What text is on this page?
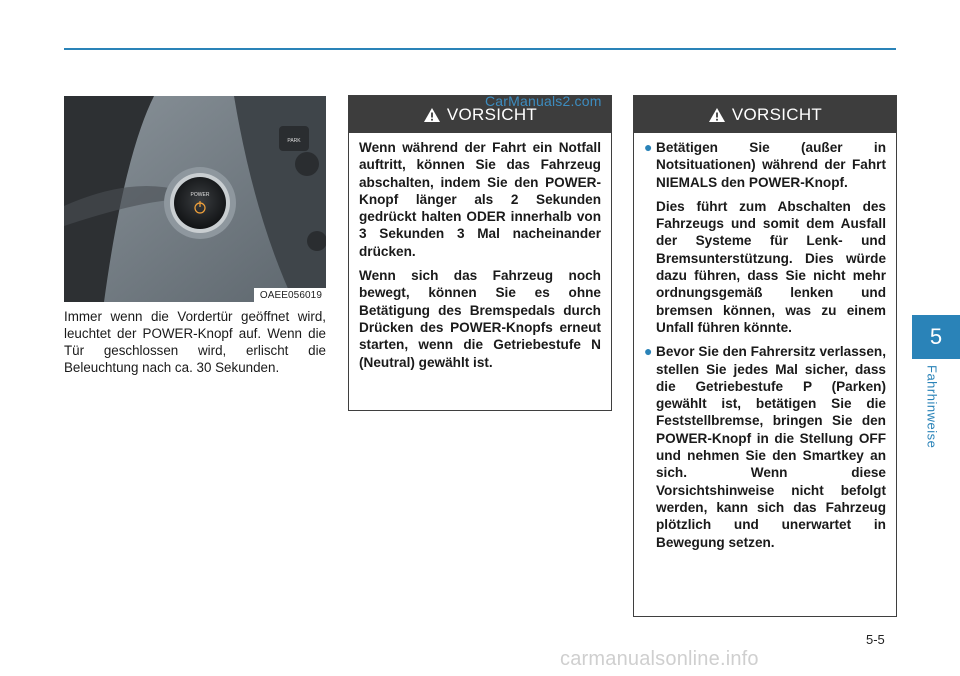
POWER
PARK
OAEE056019

Immer wenn die Vordertür geöffnet wird, leuchtet der POWER-Knopf auf. Wenn die Tür geschlossen wird, erlischt die Beleuchtung nach ca. 30 Sekunden.

VORSICHT

Wenn während der Fahrt ein Notfall auftritt, können Sie das Fahrzeug abschalten, indem Sie den POWER-Knopf länger als 2 Sekunden gedrückt halten ODER innerhalb von 3 Sekunden 3 Mal nacheinander drücken.

Wenn sich das Fahrzeug noch bewegt, können Sie es ohne Betätigung des Bremspedals durch Drücken des POWER-Knopfs erneut starten, wenn die Getriebestufe N (Neutral) gewählt ist.

CarManuals2.com
VORSICHT
● Betätigen Sie (außer in Notsituationen) während der Fahrt NIEMALS den POWER-Knopf.

Dies führt zum Abschalten des Fahrzeugs und somit dem Ausfall der Systeme für Lenk- und Bremsunterstützung. Dies würde dazu führen, dass Sie nicht mehr ordnungsgemäß lenken und bremsen können, was zu einem Unfall führen könnte.

● Bevor Sie den Fahrersitz verlassen, stellen Sie jedes Mal sicher, dass die Getriebestufe P (Parken) gewählt ist, betätigen Sie die Feststellbremse, bringen Sie den POWER-Knopf in die Stellung OFF und nehmen Sie den Smartkey an sich. Wenn diese Vorsichtshinweise nicht befolgt werden, kann sich das Fahrzeug plötzlich und unerwartet in Bewegung setzen.

5
Fahrhinweise
5-5
carmanualsonline.info
